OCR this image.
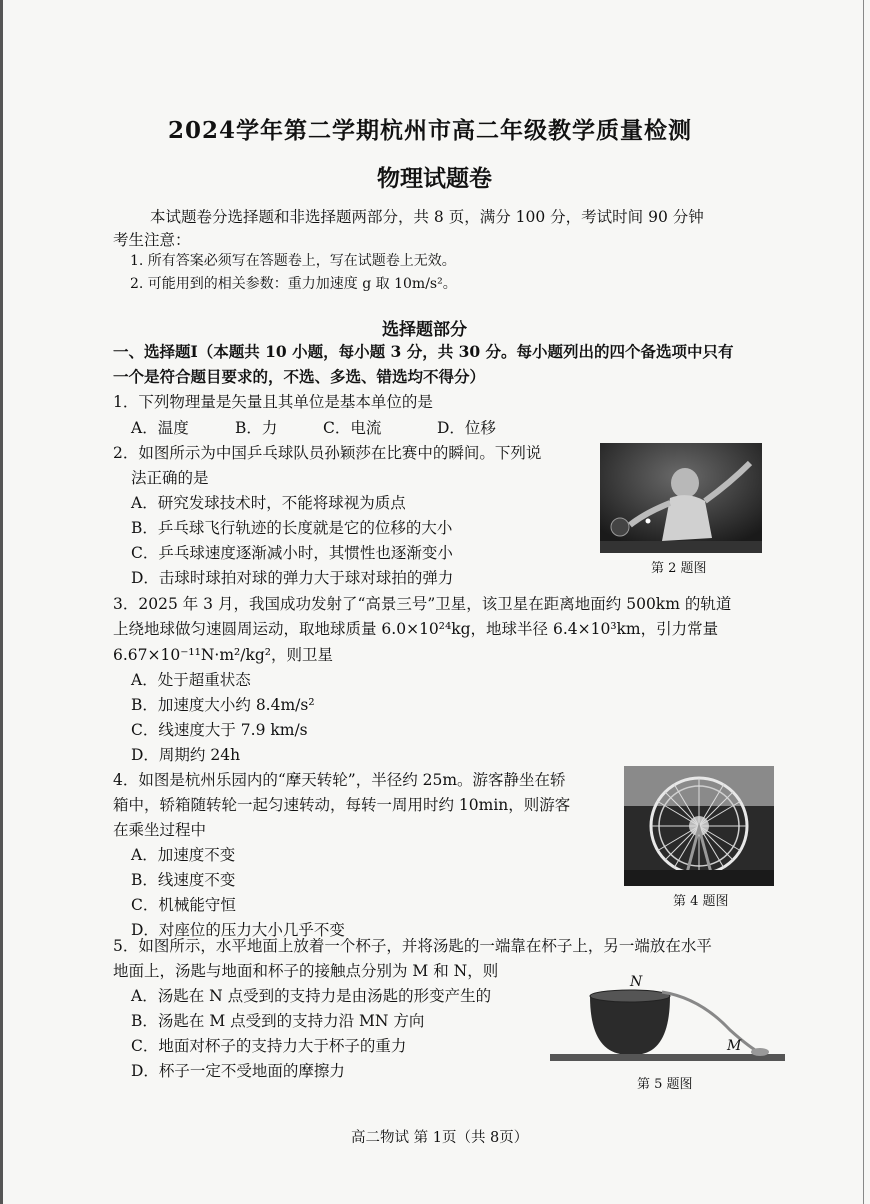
2024学年第二学期杭州市高二年级教学质量检测
物理试题卷
本试题卷分选择题和非选择题两部分，共 8 页，满分 100 分，考试时间 90 分钟
考生注意：
1. 所有答案必须写在答题卷上，写在试题卷上无效。
2. 可能用到的相关参数：重力加速度 g 取 10m/s²。
选择题部分
一、选择题I（本题共 10 小题，每小题 3 分，共 30 分。每小题列出的四个备选项中只有
一个是符合题目要求的，不选、多选、错选均不得分）
1．下列物理量是矢量且其单位是基本单位的是
A．温度	B．力	C．电流	D．位移
2．如图所示为中国乒乓球队员孙颖莎在比赛中的瞬间。下列说
法正确的是
A．研究发球技术时，不能将球视为质点
B．乒乓球飞行轨迹的长度就是它的位移的大小
C．乒乓球速度逐渐减小时，其惯性也逐渐变小
D．击球时球拍对球的弹力大于球对球拍的弹力
第 2 题图
3．2025 年 3 月，我国成功发射了“高景三号”卫星，该卫星在距离地面约 500km 的轨道
上绕地球做匀速圆周运动，取地球质量 6.0×10²⁴kg，地球半径 6.4×10³km，引力常量
6.67×10⁻¹¹N·m²/kg²，则卫星
A．处于超重状态
B．加速度大小约 8.4m/s²
C．线速度大于 7.9 km/s
D．周期约 24h
4．如图是杭州乐园内的“摩天转轮”，半径约 25m。游客静坐在轿
箱中，轿箱随转轮一起匀速转动，每转一周用时约 10min，则游客
在乘坐过程中
A．加速度不变
B．线速度不变
C．机械能守恒
D．对座位的压力大小几乎不变
第 4 题图
5．如图所示，水平地面上放着一个杯子，并将汤匙的一端靠在杯子上，另一端放在水平
地面上，汤匙与地面和杯子的接触点分别为 M 和 N，则
A．汤匙在 N 点受到的支持力是由汤匙的形变产生的
B．汤匙在 M 点受到的支持力沿 MN 方向
C．地面对杯子的支持力大于杯子的重力
D．杯子一定不受地面的摩擦力
N
M
第 5 题图
高二物试 第 1页（共 8页）
